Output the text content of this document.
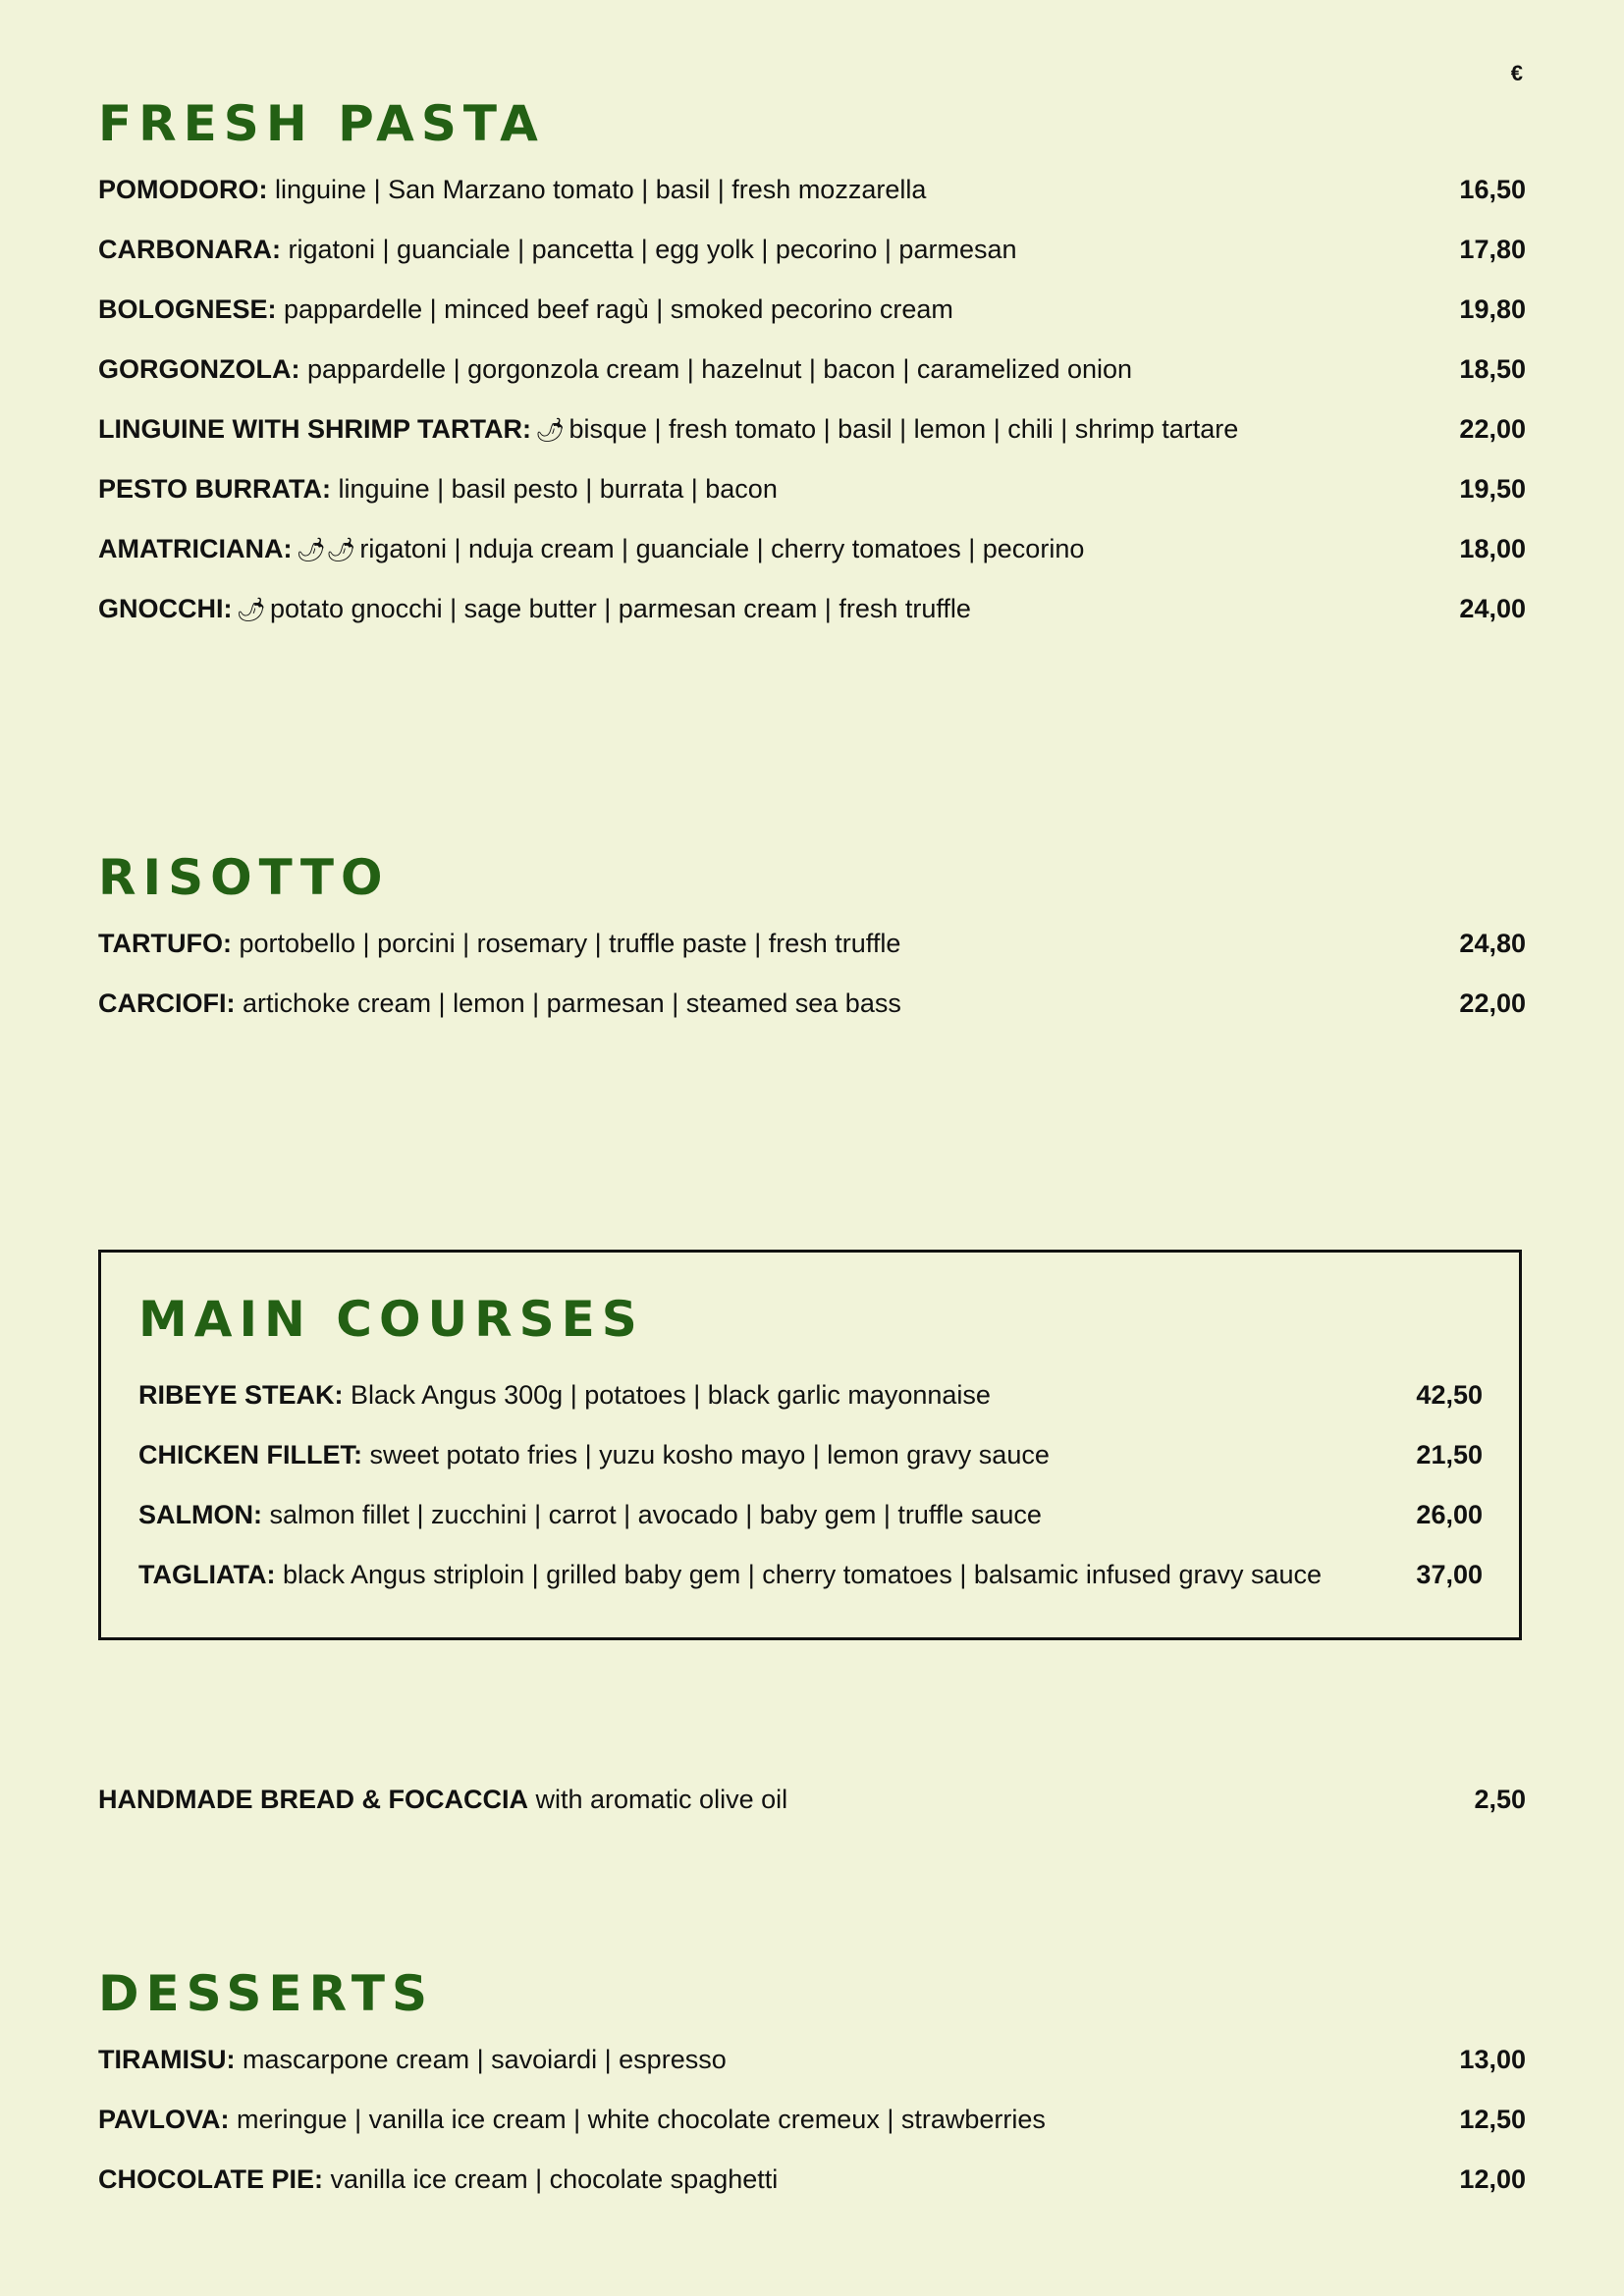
€
FRESH PASTA
POMODORO: linguine | San Marzano tomato | basil | fresh mozzarella	16,50
CARBONARA: rigatoni | guanciale | pancetta | egg yolk | pecorino | parmesan	17,80
BOLOGNESE: pappardelle | minced beef ragù | smoked pecorino cream	19,80
GORGONZOLA: pappardelle | gorgonzola cream | hazelnut | bacon | caramelized onion	18,50
LINGUINE WITH SHRIMP TARTAR: 🌶 bisque | fresh tomato | basil | lemon | chili | shrimp tartare	22,00
PESTO BURRATA: linguine | basil pesto | burrata | bacon	19,50
AMATRICIANA: 🌶🌶 rigatoni | nduja cream | guanciale | cherry tomatoes | pecorino	18,00
GNOCCHI: 🌶 potato gnocchi | sage butter | parmesan cream | fresh truffle	24,00
RISOTTO
TARTUFO: portobello | porcini | rosemary | truffle paste | fresh truffle	24,80
CARCIOFI: artichoke cream | lemon | parmesan | steamed sea bass	22,00
MAIN COURSES
RIBEYE STEAK: Black Angus 300g | potatoes | black garlic mayonnaise	42,50
CHICKEN FILLET: sweet potato fries | yuzu kosho mayo | lemon gravy sauce	21,50
SALMON: salmon fillet | zucchini | carrot | avocado | baby gem | truffle sauce	26,00
TAGLIATA: black Angus striploin | grilled baby gem | cherry tomatoes | balsamic infused gravy sauce	37,00
HANDMADE BREAD & FOCACCIA with aromatic olive oil	2,50
DESSERTS
TIRAMISU: mascarpone cream | savoiardi | espresso	13,00
PAVLOVA: meringue | vanilla ice cream | white chocolate cremeux | strawberries	12,50
CHOCOLATE PIE: vanilla ice cream | chocolate spaghetti	12,00
